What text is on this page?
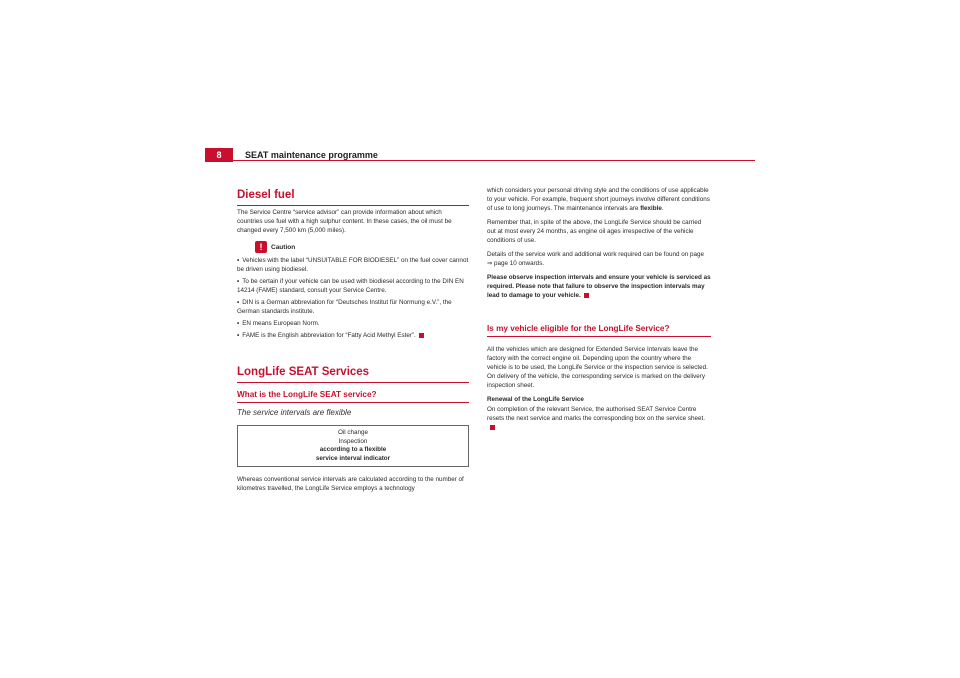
8	SEAT maintenance programme
Diesel fuel

The Service Centre “service advisor” can provide information about which countries use fuel with a high sulphur content. In these cases, the oil must be changed every 7,500 km (5,000 miles).

!	Caution
• Vehicles with the label “UNSUITABLE FOR BIODIESEL” on the fuel cover cannot be driven using biodiesel.
• To be certain if your vehicle can be used with biodiesel according to the DIN EN 14214 (FAME) standard, consult your Service Centre.
• DIN is a German abbreviation for “Deutsches Institut für Normung e.V.”, the German standards institute.
• EN means European Norm.
• FAME is the English abbreviation for “Fatty Acid Methyl Ester”.
LongLife SEAT Services
What is the LongLife SEAT service?
The service intervals are flexible
Oil change
Inspection
according to a flexible
service interval indicator

Whereas conventional service intervals are calculated according to the number of kilometres travelled, the LongLife Service employs a technology

which considers your personal driving style and the conditions of use applicable to your vehicle. For example, frequent short journeys involve different conditions of use to long journeys. The maintenance intervals are flexible.

Remember that, in spite of the above, the LongLife Service should be carried out at most every 24 months, as engine oil ages irrespective of the vehicle conditions of use.

Details of the service work and additional work required can be found on page ⇒ page 10 onwards.

Please observe inspection intervals and ensure your vehicle is serviced as required. Please note that failure to observe the inspection intervals may lead to damage to your vehicle.

Is my vehicle eligible for the LongLife Service?

All the vehicles which are designed for Extended Service Intervals leave the factory with the correct engine oil. Depending upon the country where the vehicle is to be used, the LongLife Service or the inspection service is selected. On delivery of the vehicle, the corresponding service is marked on the delivery inspection sheet.

Renewal of the LongLife Service

On completion of the relevant Service, the authorised SEAT Service Centre resets the next service and marks the corresponding box on the service sheet.
